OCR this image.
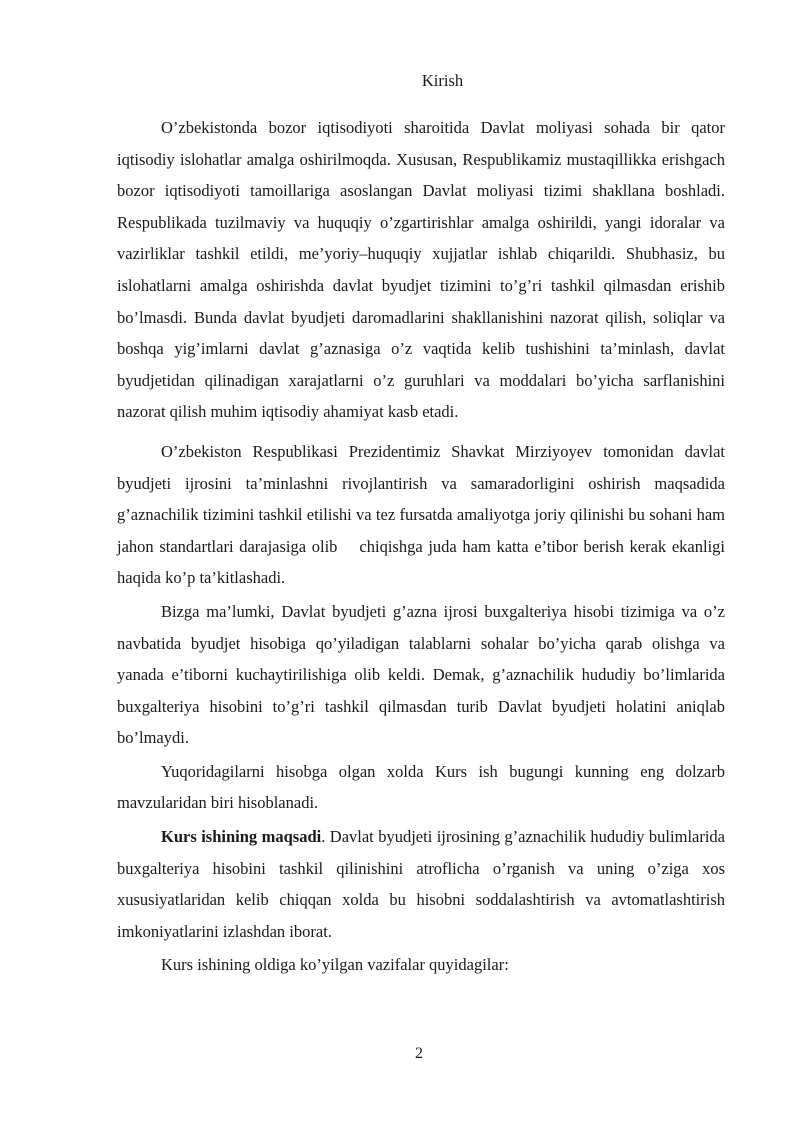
Kirish

O’zbekistonda bozor iqtisodiyoti sharoitida Davlat moliyasi sohada bir qator iqtisodiy islohatlar amalga oshirilmoqda. Xususan, Respublikamiz mustaqillikka erishgach bozor iqtisodiyoti tamoillariga asoslangan Davlat moliyasi tizimi shakllana boshladi. Respublikada tuzilmaviy va huquqiy o’zgartirishlar amalga oshirildi, yangi idoralar va vazirliklar tashkil etildi, me’yoriy–huquqiy xujjatlar ishlab chiqarildi. Shubhasiz, bu islohatlarni amalga oshirishda davlat byudjet tizimini to’g’ri tashkil qilmasdan erishib bo’lmasdi. Bunda davlat byudjeti daromadlarini shakllanishini nazorat qilish, soliqlar va boshqa yig’imlarni davlat g’aznasiga o’z vaqtida kelib tushishini ta’minlash, davlat byudjetidan qilinadigan xarajatlarni o’z guruhlari va moddalari bo’yicha sarflanishini nazorat qilish muhim iqtisodiy ahamiyat kasb etadi.

O’zbekiston Respublikasi Prezidentimiz Shavkat Mirziyoyev tomonidan davlat byudjeti ijrosini ta’minlashni rivojlantirish va samaradorligini oshirish maqsadida g’aznachilik tizimini tashkil etilishi va tez fursatda amaliyotga joriy qilinishi bu sohani ham jahon standartlari darajasiga olib chiqishga juda ham katta e’tibor berish kerak ekanligi haqida ko’p ta’kitlashadi.

Bizga ma’lumki, Davlat byudjeti g’azna ijrosi buxgalteriya hisobi tizimiga va o’z navbatida byudjet hisobiga qo’yiladigan talablarni sohalar bo’yicha qarab olishga va yanada e’tiborni kuchaytirilishiga olib keldi. Demak, g’aznachilik hududiy bo’limlarida buxgalteriya hisobini to’g’ri tashkil qilmasdan turib Davlat byudjeti holatini aniqlab bo’lmaydi.

Yuqoridagilarni hisobga olgan xolda Kurs ish bugungi kunning eng dolzarb mavzularidan biri hisoblanadi.

Kurs ishining maqsadi. Davlat byudjeti ijrosining g’aznachilik hududiy bulimlarida buxgalteriya hisobini tashkil qilinishini atroflicha o’rganish va uning o’ziga xos xususiyatlaridan kelib chiqqan xolda bu hisobni soddalashtirish va avtomatlashtirish imkoniyatlarini izlashdan iborat.

Kurs ishining oldiga ko’yilgan vazifalar quyidagilar:

2
